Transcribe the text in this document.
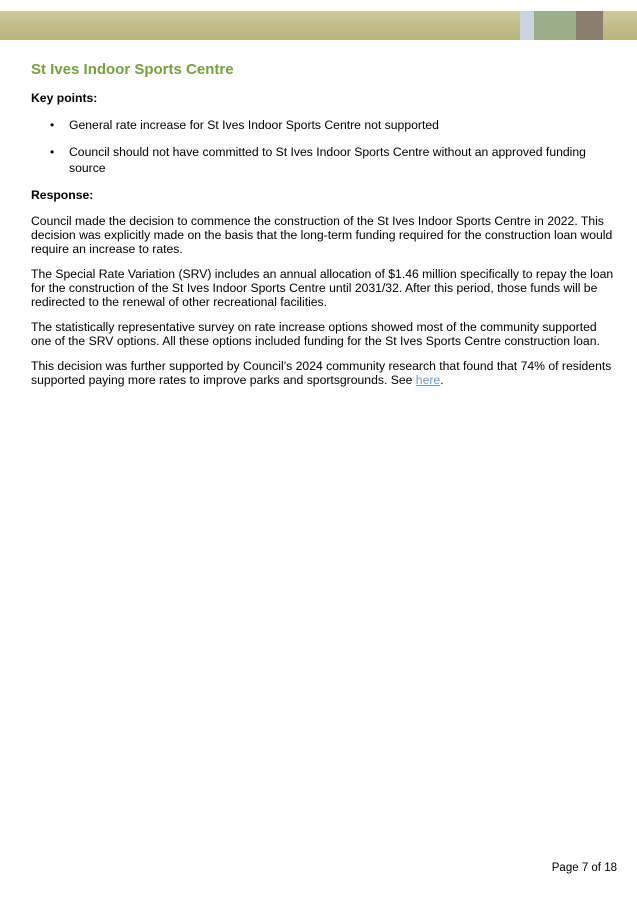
St Ives Indoor Sports Centre

Key points:

• General rate increase for St Ives Indoor Sports Centre not supported
• Council should not have committed to St Ives Indoor Sports Centre without an approved funding source

Response:

Council made the decision to commence the construction of the St Ives Indoor Sports Centre in 2022. This decision was explicitly made on the basis that the long-term funding required for the construction loan would require an increase to rates.

The Special Rate Variation (SRV) includes an annual allocation of $1.46 million specifically to repay the loan for the construction of the St Ives Indoor Sports Centre until 2031/32. After this period, those funds will be redirected to the renewal of other recreational facilities.

The statistically representative survey on rate increase options showed most of the community supported one of the SRV options. All these options included funding for the St Ives Sports Centre construction loan.

This decision was further supported by Council’s 2024 community research that found that 74% of residents supported paying more rates to improve parks and sportsgrounds. See here.

Page 7 of 18
